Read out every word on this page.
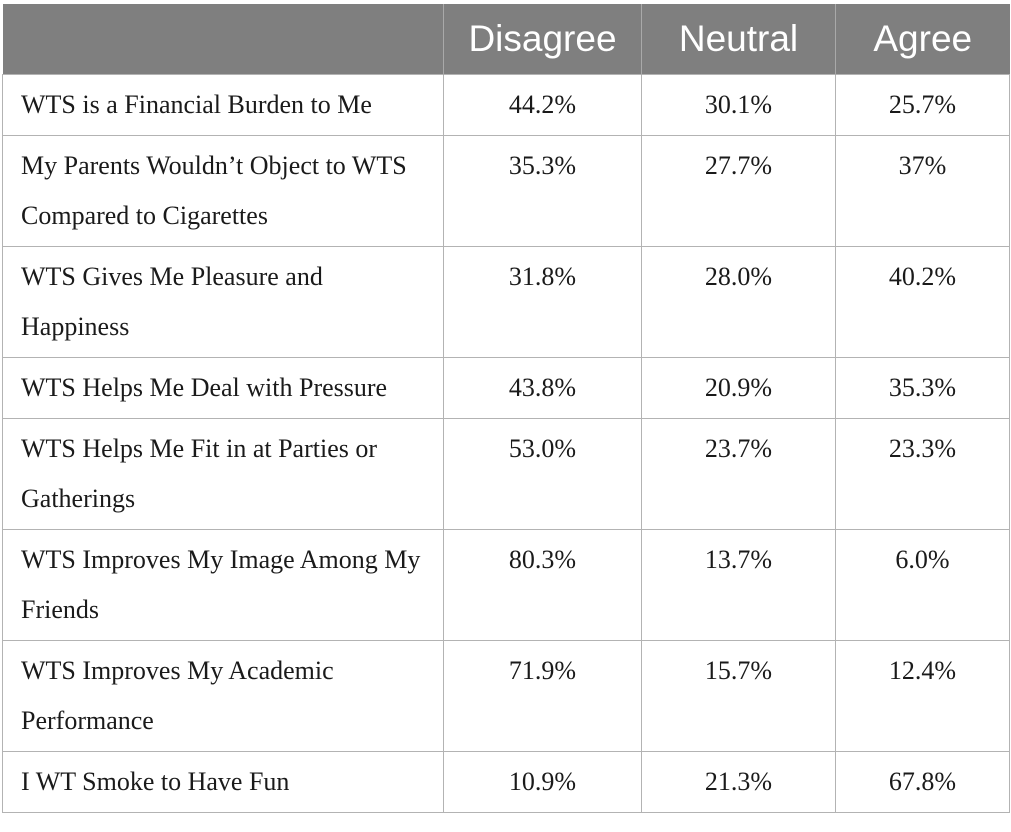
	Disagree	Neutral	Agree
WTS is a Financial Burden to Me	44.2%	30.1%	25.7%
My Parents Wouldn’t Object to WTS Compared to Cigarettes	35.3%	27.7%	37%
WTS Gives Me Pleasure and Happiness	31.8%	28.0%	40.2%
WTS Helps Me Deal with Pressure	43.8%	20.9%	35.3%
WTS Helps Me Fit in at Parties or Gatherings	53.0%	23.7%	23.3%
WTS Improves My Image Among My Friends	80.3%	13.7%	6.0%
WTS Improves My Academic Performance	71.9%	15.7%	12.4%
I WT Smoke to Have Fun	10.9%	21.3%	67.8%
